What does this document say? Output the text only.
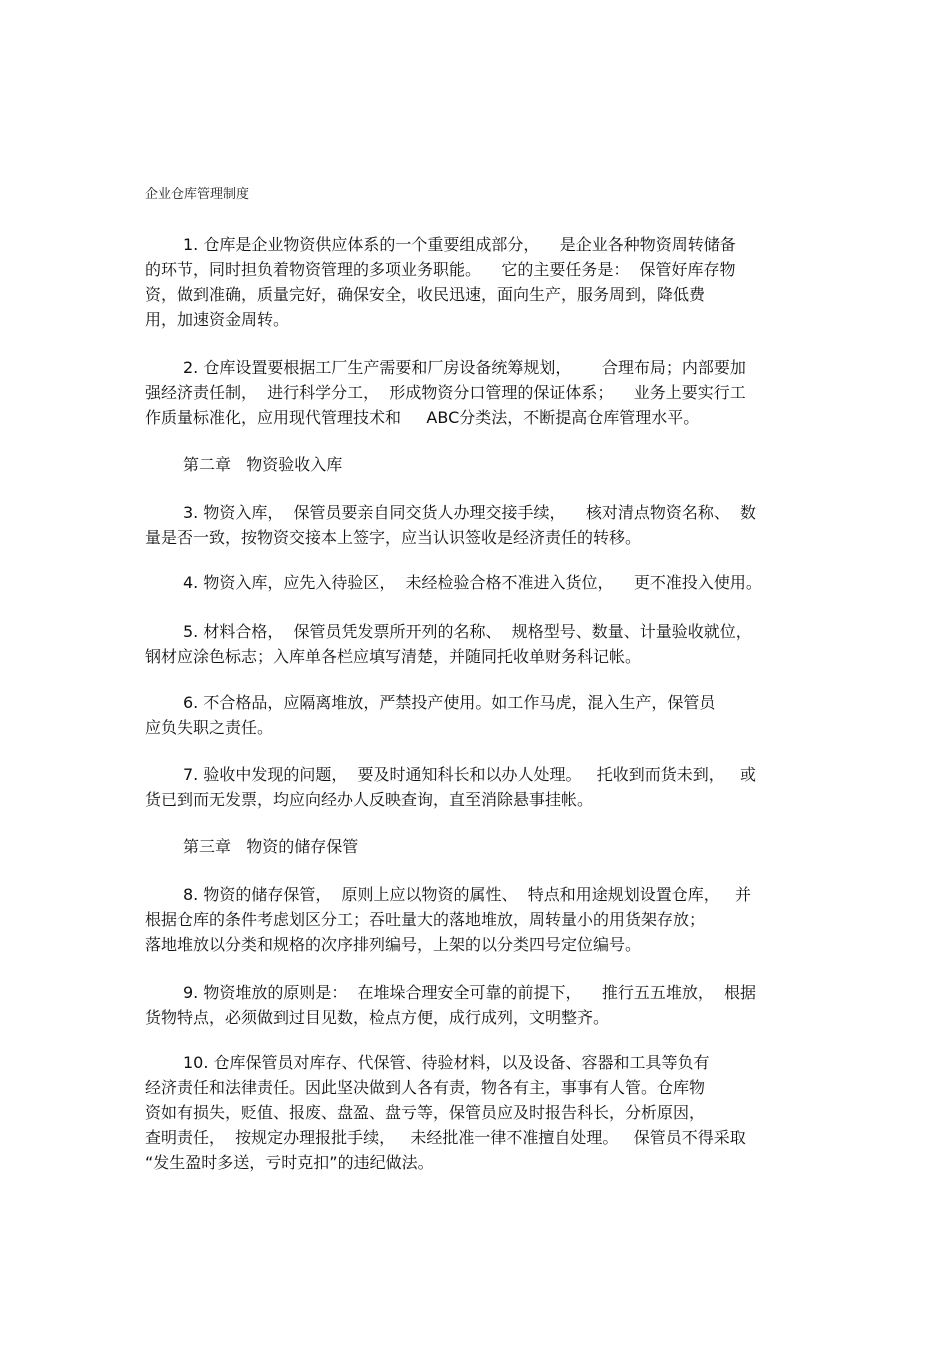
企业仓库管理制度
1. 仓库是企业物资供应体系的一个重要组成部分，    是企业各种物资周转储备
的环节，同时担负着物资管理的多项业务职能。    它的主要任务是：  保管好库存物
资，做到准确，质量完好，确保安全，收民迅速，面向生产，服务周到，降低费
用，加速资金周转。
2. 仓库设置要根据工厂生产需要和厂房设备统筹规划，      合理布局；内部要加
强经济责任制，  进行科学分工，  形成物资分口管理的保证体系；    业务上要实行工
作质量标准化，应用现代管理技术和     ABC分类法，不断提高仓库管理水平。
第二章   物资验收入库
3. 物资入库，  保管员要亲自同交货人办理交接手续，    核对清点物资名称、  数
量是否一致，按物资交接本上签字，应当认识签收是经济责任的转移。
4. 物资入库，应先入待验区，  未经检验合格不准进入货位，    更不准投入使用。
5. 材料合格，  保管员凭发票所开列的名称、  规格型号、数量、计量验收就位，
钢材应涂色标志；入库单各栏应填写清楚，并随同托收单财务科记帐。
6. 不合格品，应隔离堆放，严禁投产使用。如工作马虎，混入生产，保管员
应负失职之责任。
7. 验收中发现的问题，  要及时通知科长和以办人处理。   托收到而货未到，   或
货已到而无发票，均应向经办人反映查询，直至消除悬事挂帐。
第三章   物资的储存保管
8. 物资的储存保管，  原则上应以物资的属性、  特点和用途规划设置仓库，   并
根据仓库的条件考虑划区分工；吞吐量大的落地堆放，周转量小的用货架存放；
落地堆放以分类和规格的次序排列编号，上架的以分类四号定位编号。
9. 物资堆放的原则是：  在堆垛合理安全可靠的前提下，    推行五五堆放，  根据
货物特点，必须做到过目见数，检点方便，成行成列，文明整齐。
10. 仓库保管员对库存、代保管、待验材料，以及设备、容器和工具等负有
经济责任和法律责任。因此坚决做到人各有责，物各有主，事事有人管。仓库物
资如有损失，贬值、报废、盘盈、盘亏等，保管员应及时报告科长，分析原因，
查明责任，  按规定办理报批手续，   未经批准一律不准擅自处理。   保管员不得采取
“发生盈时多送，亏时克扣”的违纪做法。
